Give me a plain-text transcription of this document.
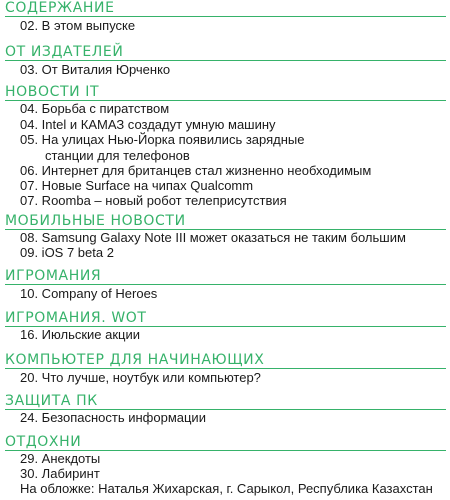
СОДЕРЖАНИЕ
02. В этом выпуске
ОТ ИЗДАТЕЛЕЙ
03. От Виталия Юрченко
НОВОСТИ IT
04. Борьба с пиратством
04. Intel и КАМАЗ создадут умную машину
05. На улицах Нью-Йорка появились зарядные
станции для телефонов
06. Интернет для британцев стал жизненно необходимым
07. Новые Surface на чипах Qualcomm
07. Roomba – новый робот телеприсутствия
МОБИЛЬНЫЕ НОВОСТИ
08. Samsung Galaxy Note III может оказаться не таким большим
09. iOS 7 beta 2
ИГРОМАНИЯ
10. Company of Heroes
ИГРОМАНИЯ. WOT
16. Июльские акции
КОМПЬЮТЕР ДЛЯ НАЧИНАЮЩИХ
20. Что лучше, ноутбук или компьютер?
ЗАЩИТА ПК
24. Безопасность информации
ОТДОХНИ
29. Анекдоты
30. Лабиринт
На обложке: Наталья Жихарская, г. Сарыкол, Республика Казахстан
